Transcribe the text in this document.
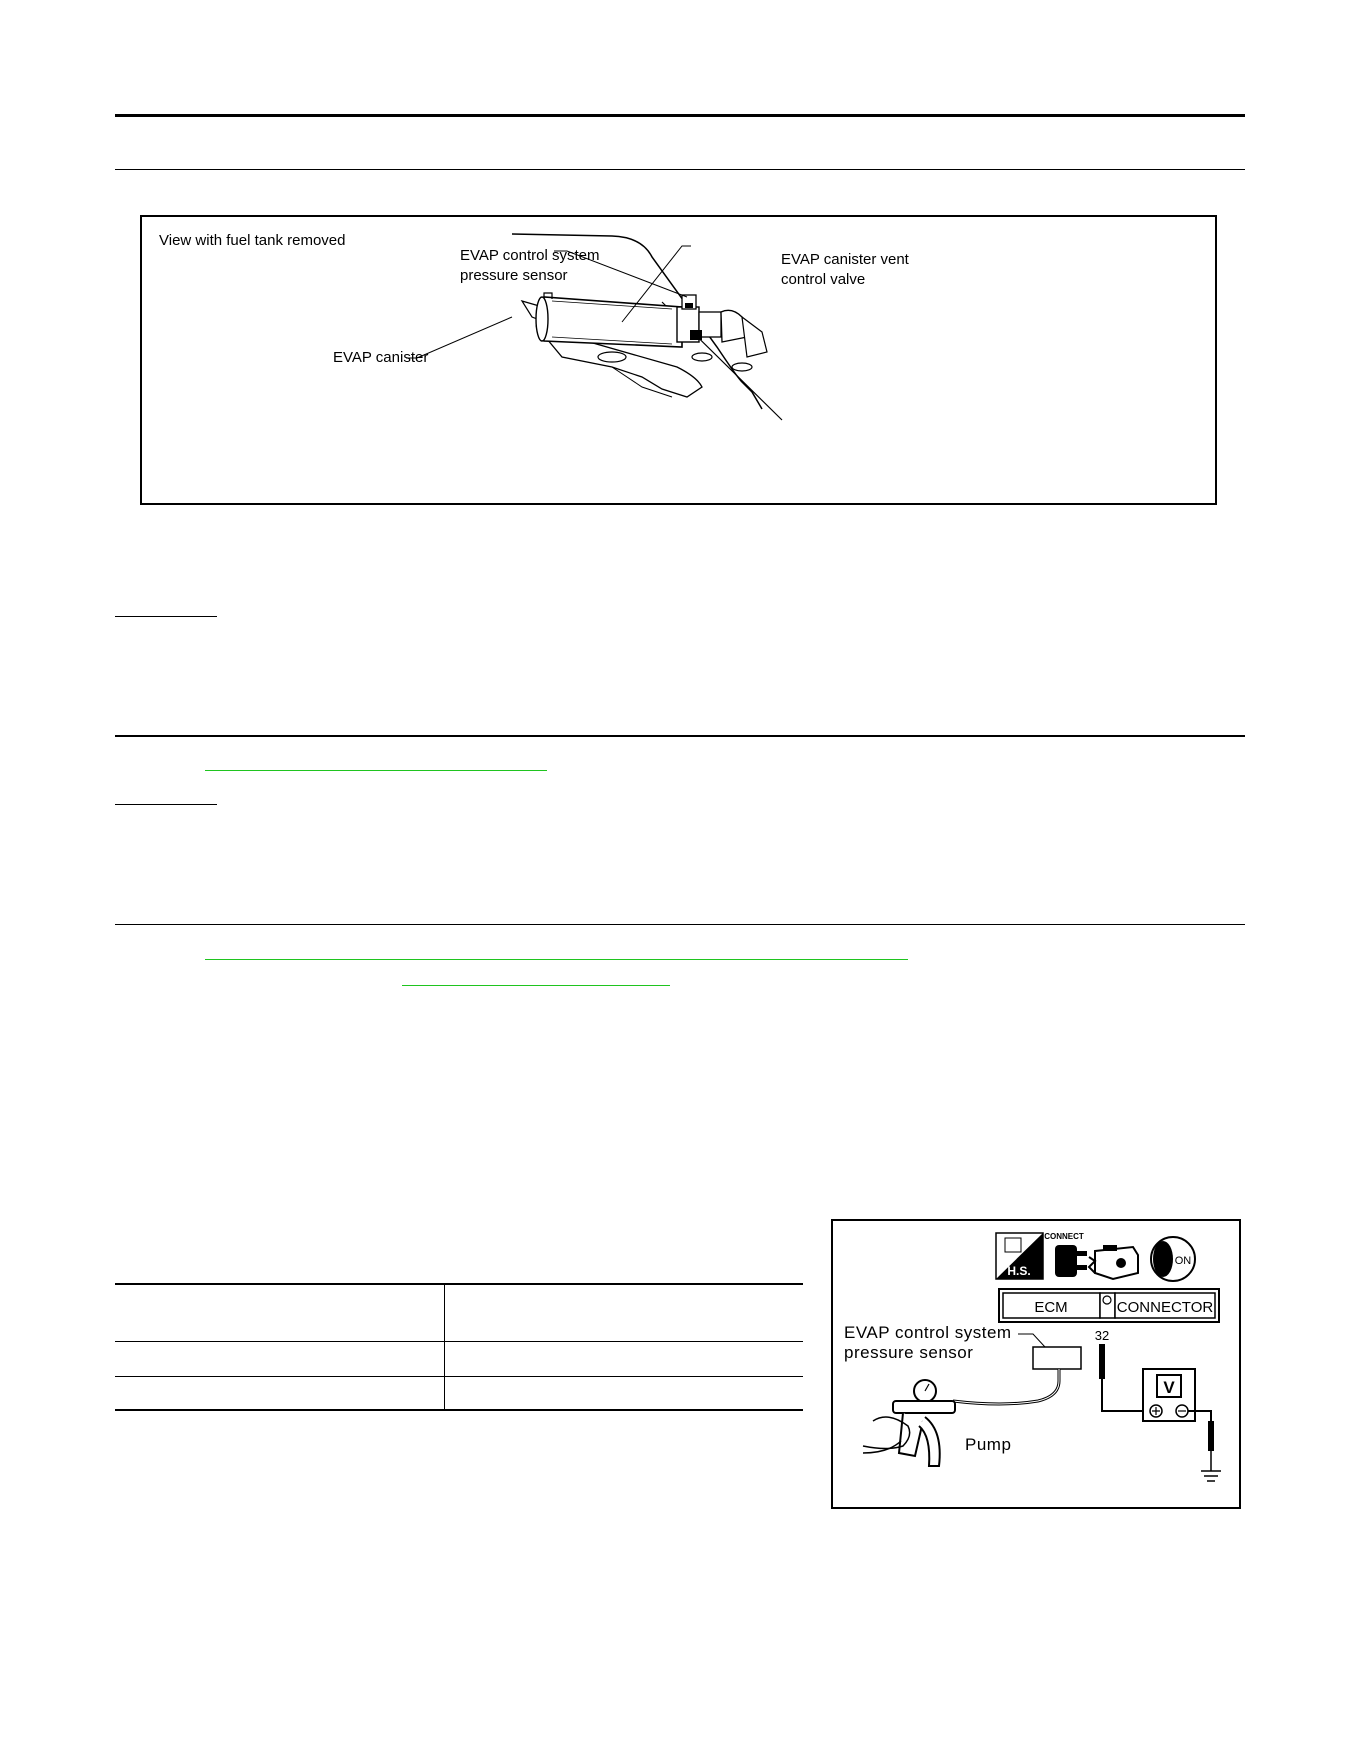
View with fuel tank removed
EVAP control system
pressure sensor
EVAP canister vent
control valve
EVAP canister
H.S.
CONNECT
ON
ECM	CONNECTOR
32
V
EVAP control system
pressure sensor
Pump
